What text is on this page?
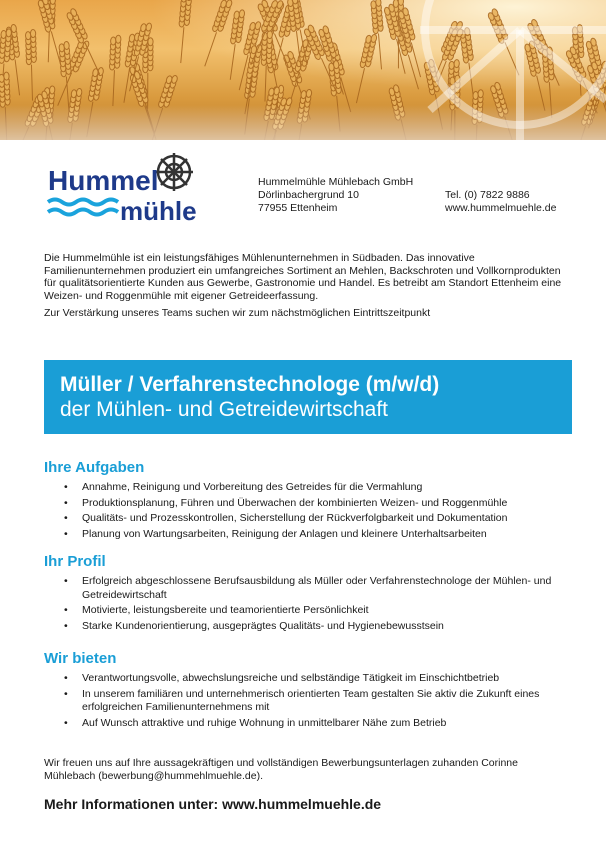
Hummel
mühle
Hummelmühle Mühlebach GmbH
Dörlinbachergrund 10
77955 Ettenheim
Tel. (0) 7822 9886
www.hummelmuehle.de

Die Hummelmühle ist ein leistungsfähiges Mühlenunternehmen in Südbaden. Das innovative Familienunternehmen produziert ein umfangreiches Sortiment an Mehlen, Backschroten und Vollkornprodukten für qualitätsorientierte Kunden aus Gewerbe, Gastronomie und Handel. Es betreibt am Standort Ettenheim eine Weizen- und Roggenmühle mit eigener Getreideerfassung.

Zur Verstärkung unseres Teams suchen wir zum nächstmöglichen Eintrittszeitpunkt

Müller / Verfahrenstechnologe (m/w/d)
der Mühlen- und Getreidewirtschaft
Ihre Aufgaben
• Annahme, Reinigung und Vorbereitung des Getreides für die Vermahlung
• Produktionsplanung, Führen und Überwachen der kombinierten Weizen- und Roggenmühle
• Qualitäts- und Prozesskontrollen, Sicherstellung der Rückverfolgbarkeit und Dokumentation
• Planung von Wartungsarbeiten, Reinigung der Anlagen und kleinere Unterhaltsarbeiten
Ihr Profil
• Erfolgreich abgeschlossene Berufsausbildung als Müller oder Verfahrenstechnologe der Mühlen- und Getreidewirtschaft
• Motivierte, leistungsbereite und teamorientierte Persönlichkeit
• Starke Kundenorientierung, ausgeprägtes Qualitäts- und Hygienebewusstsein
Wir bieten
• Verantwortungsvolle, abwechslungsreiche und selbständige Tätigkeit im Einschichtbetrieb
• In unserem familiären und unternehmerisch orientierten Team gestalten Sie aktiv die Zukunft eines erfolgreichen Familienunternehmens mit
• Auf Wunsch attraktive und ruhige Wohnung in unmittelbarer Nähe zum Betrieb
Wir freuen uns auf Ihre aussagekräftigen und vollständigen Bewerbungsunterlagen zuhanden Corinne Mühlebach (bewerbung@hummehlmuehle.de).
Mehr Informationen unter: www.hummelmuehle.de
